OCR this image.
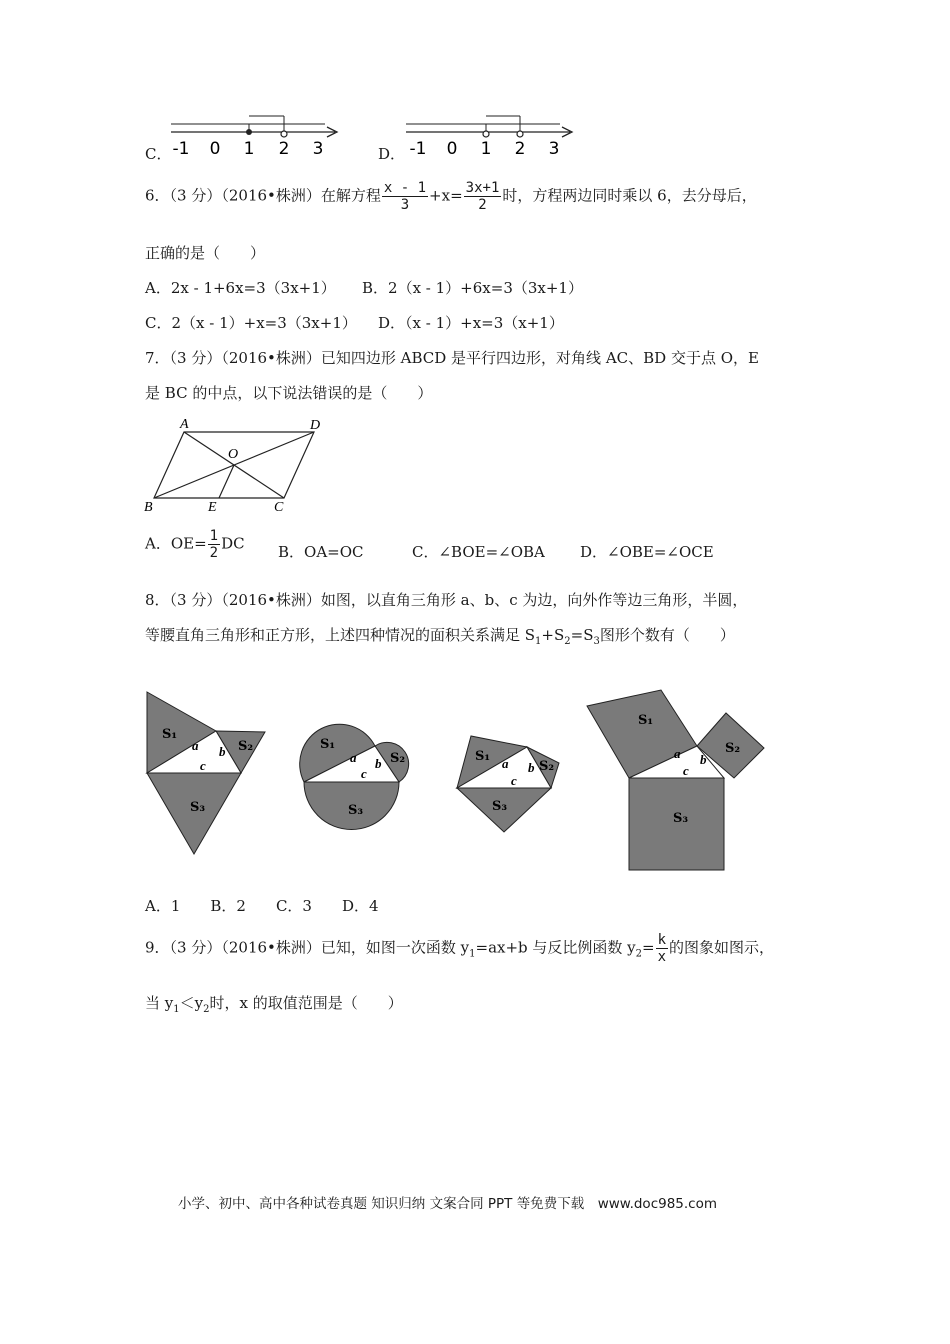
C． -1 0 1 2 3	D． -1 0 1 2 3
6．（3 分）（2016•株洲）在解方程 $\frac{x - 1}{3} +x= \frac{3x+1}{2}$ 时，方程两边同时乘以 6，去分母后，
正确的是（　　）
A．2x - 1+6x=3（3x+1） B．2（x - 1）+6x=3（3x+1）
C．2（x - 1）+x=3（3x+1） D．（x - 1）+x=3（x+1）
7．（3 分）（2016•株洲）已知四边形 ABCD 是平行四边形，对角线 AC、BD 交于点 O，E
是 BC 的中点，以下说法错误的是（　　）
A	D
O
B	E	C
A．$OE= \frac{1}{2}$ DC B．OA=OC	C．∠BOE=∠OBA D．∠OBE=∠OCE
8．（3 分）（2016•株洲）如图，以直角三角形 a、b、c 为边，向外作等边三角形，半圆，
等腰直角三角形和正方形，上述四种情况的面积关系满足 $S_1+S_2=S_3$图形个数有（　　）
S₁
S₂
S₃
a b
c
S₁
S₂
S₃
a b
c
S₁
S₂
S₃
a b
c
S₁
S₂
S₃
a b
c
A．1　　B．2　　C．3　　D．4
9．（3 分）（2016•株洲）已知，如图一次函数 $y_1=ax+b$ 与反比例函数 $y_2= \frac{k}{x}$ 的图象如图示，
当 $y_1<y_2$时，x 的取值范围是（　　）
小学、初中、高中各种试卷真题 知识归纳 文案合同 PPT 等免费下载　www.doc985.com
